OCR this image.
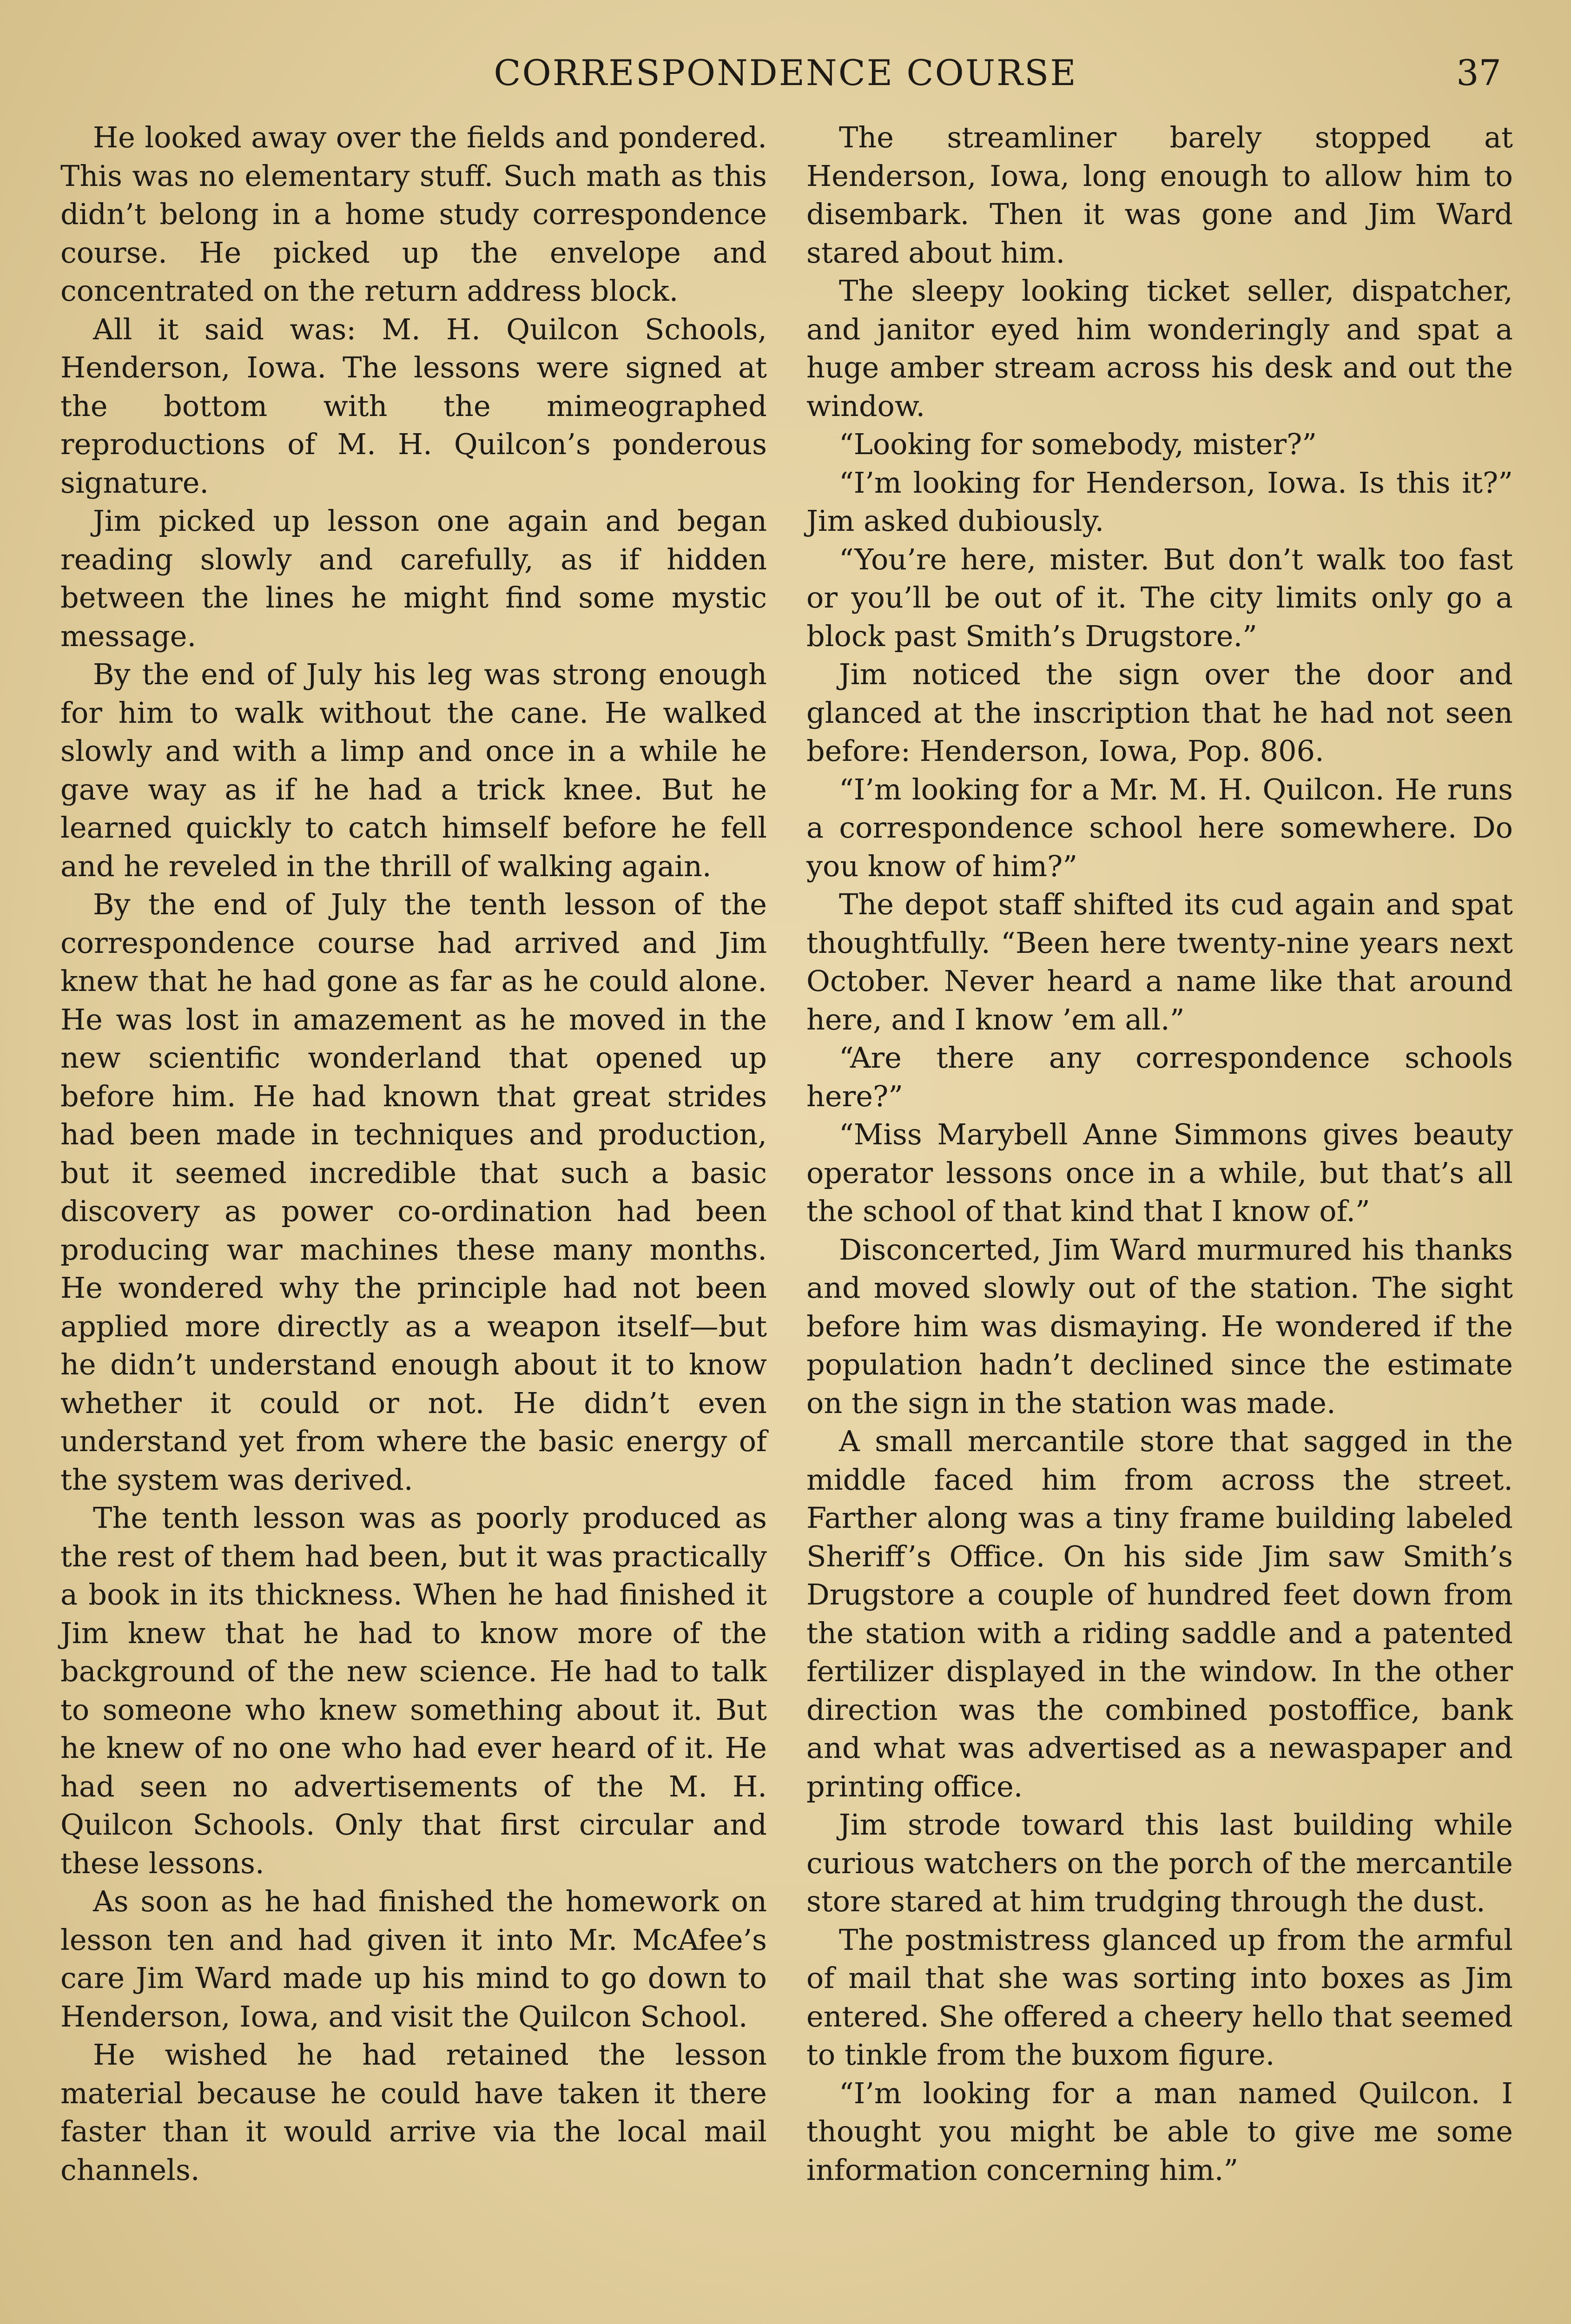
CORRESPONDENCE COURSE	37

He looked away over the fields and pondered. This was no elementary stuff. Such math as this didn’t belong in a home study correspondence course. He picked up the envelope and concentrated on the return address block.

All it said was: M. H. Quilcon Schools, Henderson, Iowa. The lessons were signed at the bottom with the mimeographed reproductions of M. H. Quilcon’s ponderous signature.

Jim picked up lesson one again and began reading slowly and carefully, as if hidden between the lines he might find some mystic message.

By the end of July his leg was strong enough for him to walk without the cane. He walked slowly and with a limp and once in a while he gave way as if he had a trick knee. But he learned quickly to catch himself before he fell and he reveled in the thrill of walking again.

By the end of July the tenth lesson of the correspondence course had arrived and Jim knew that he had gone as far as he could alone. He was lost in amazement as he moved in the new scientific wonderland that opened up before him. He had known that great strides had been made in techniques and production, but it seemed incredible that such a basic discovery as power co-ordination had been producing war machines these many months. He wondered why the principle had not been applied more directly as a weapon itself—but he didn’t understand enough about it to know whether it could or not. He didn’t even understand yet from where the basic energy of the system was derived.

The tenth lesson was as poorly produced as the rest of them had been, but it was practically a book in its thickness. When he had finished it Jim knew that he had to know more of the background of the new science. He had to talk to someone who knew something about it. But he knew of no one who had ever heard of it. He had seen no advertisements of the M. H. Quilcon Schools. Only that first circular and these lessons.

As soon as he had finished the homework on lesson ten and had given it into Mr. McAfee’s care Jim Ward made up his mind to go down to Henderson, Iowa, and visit the Quilcon School.

He wished he had retained the lesson material because he could have taken it there faster than it would arrive via the local mail channels.

The streamliner barely stopped at Henderson, Iowa, long enough to allow him to disembark. Then it was gone and Jim Ward stared about him.

The sleepy looking ticket seller, dispatcher, and janitor eyed him wonderingly and spat a huge amber stream across his desk and out the window.

“Looking for somebody, mister?”

“I’m looking for Henderson, Iowa. Is this it?” Jim asked dubiously.

“You’re here, mister. But don’t walk too fast or you’ll be out of it. The city limits only go a block past Smith’s Drugstore.”

Jim noticed the sign over the door and glanced at the inscription that he had not seen before: Henderson, Iowa, Pop. 806.

“I’m looking for a Mr. M. H. Quilcon. He runs a correspondence school here somewhere. Do you know of him?”

The depot staff shifted its cud again and spat thoughtfully. “Been here twenty-nine years next October. Never heard a name like that around here, and I know ’em all.”

“Are there any correspondence schools here?”

“Miss Marybell Anne Simmons gives beauty operator lessons once in a while, but that’s all the school of that kind that I know of.”

Disconcerted, Jim Ward murmured his thanks and moved slowly out of the station. The sight before him was dismaying. He wondered if the population hadn’t declined since the estimate on the sign in the station was made.

A small mercantile store that sagged in the middle faced him from across the street. Farther along was a tiny frame building labeled Sheriff’s Office. On his side Jim saw Smith’s Drugstore a couple of hundred feet down from the station with a riding saddle and a patented fertilizer displayed in the window. In the other direction was the combined postoffice, bank and what was advertised as a newaspaper and printing office.

Jim strode toward this last building while curious watchers on the porch of the mercantile store stared at him trudging through the dust.

The postmistress glanced up from the armful of mail that she was sorting into boxes as Jim entered. She offered a cheery hello that seemed to tinkle from the buxom figure.

“I’m looking for a man named Quilcon. I thought you might be able to give me some information concerning him.”
